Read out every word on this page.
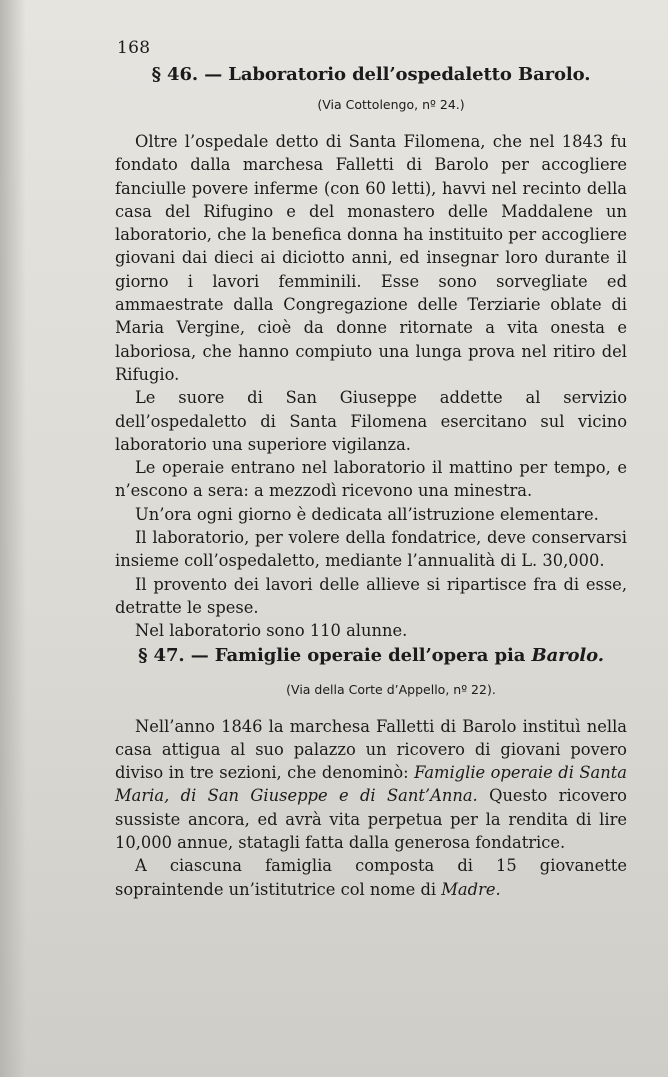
168
§ 46. — Laboratorio dell’ospedaletto Barolo.
(Via Cottolengo, nº 24.)

Oltre l’ospedale detto di Santa Filomena, che nel 1843 fu fondato dalla marchesa Falletti di Barolo per accogliere fanciulle povere inferme (con 60 letti), havvi nel recinto della casa del Rifugino e del monastero delle Maddalene un laboratorio, che la benefica donna ha instituito per accogliere giovani dai dieci ai diciotto anni, ed insegnar loro durante il giorno i lavori femminili. Esse sono sorvegliate ed ammaestrate dalla Congregazione delle Terziarie oblate di Maria Vergine, cioè da donne ritornate a vita onesta e laboriosa, che hanno compiuto una lunga prova nel ritiro del Rifugio.

Le suore di San Giuseppe addette al servizio dell’ospedaletto di Santa Filomena esercitano sul vicino laboratorio una superiore vigilanza.

Le operaie entrano nel laboratorio il mattino per tempo, e n’escono a sera: a mezzodì ricevono una minestra.

Un’ora ogni giorno è dedicata all’istruzione elementare.

Il laboratorio, per volere della fondatrice, deve conservarsi insieme coll’ospedaletto, mediante l’annualità di L. 30,000.

Il provento dei lavori delle allieve si ripartisce fra di esse, detratte le spese.

Nel laboratorio sono 110 alunne.

§ 47. — Famiglie operaie dell’opera pia Barolo.
(Via della Corte d’Appello, nº 22).

Nell’anno 1846 la marchesa Falletti di Barolo instituì nella casa attigua al suo palazzo un ricovero di giovani povero diviso in tre sezioni, che denominò: Famiglie operaie di Santa Maria, di San Giuseppe e di Sant’Anna. Questo ricovero sussiste ancora, ed avrà vita perpetua per la rendita di lire 10,000 annue, statagli fatta dalla generosa fondatrice.

A ciascuna famiglia composta di 15 giovanette sopraintende un’istitutrice col nome di Madre.
